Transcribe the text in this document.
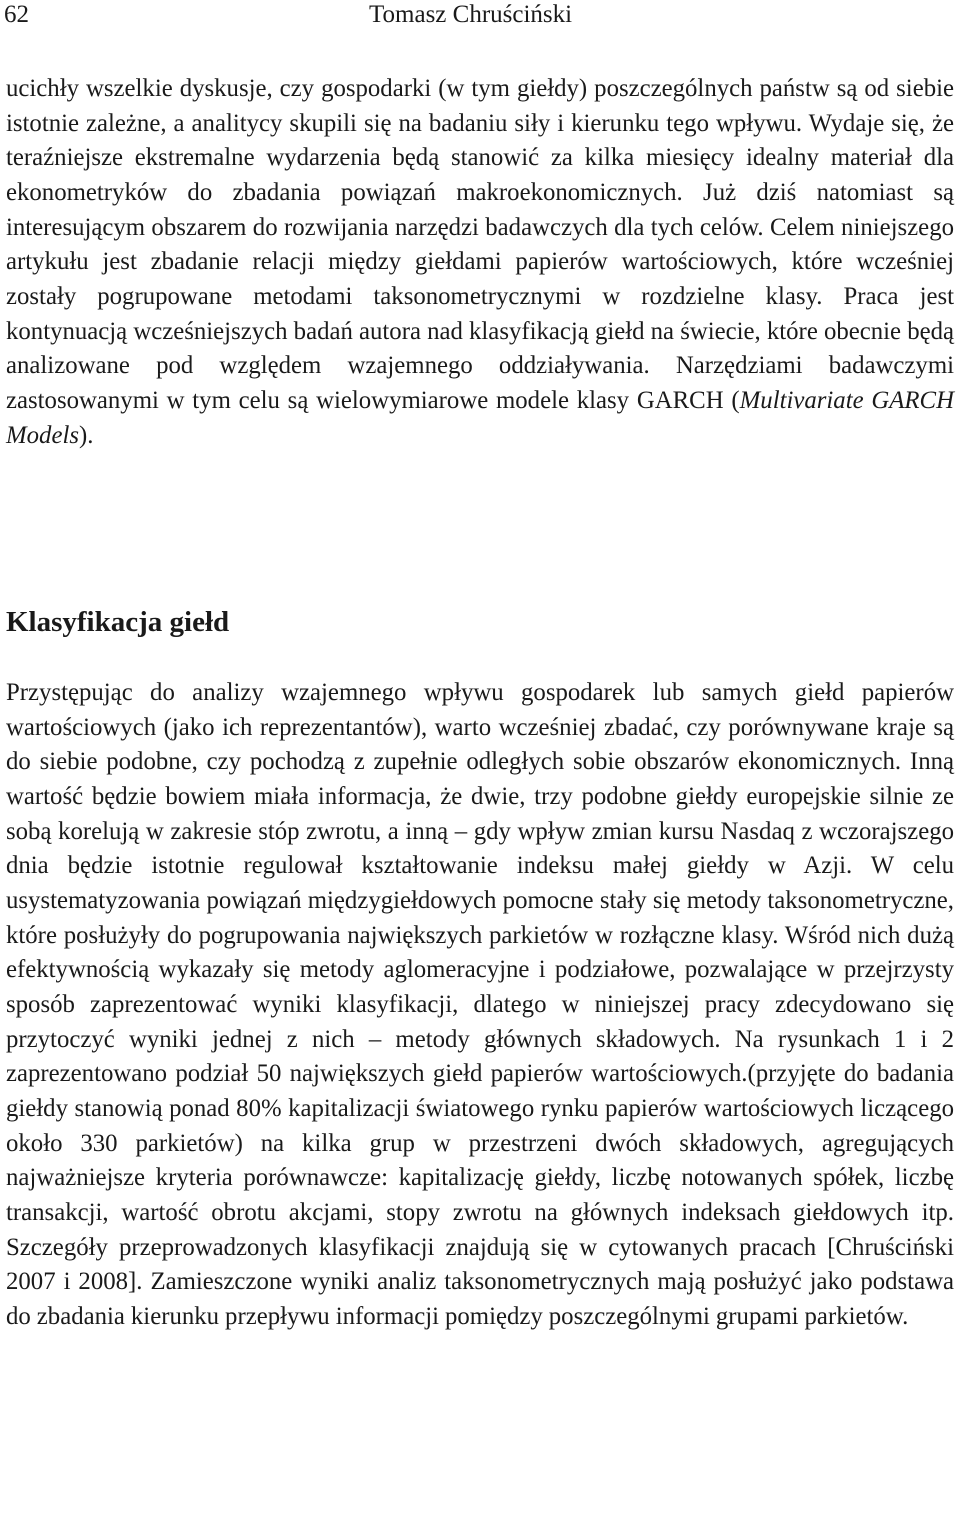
62	Tomasz Chruściński

ucichły wszelkie dyskusje, czy gospodarki (w tym giełdy) poszczególnych państw są od siebie istotnie zależne, a analitycy skupili się na badaniu siły i kierunku tego wpływu. Wydaje się, że teraźniejsze ekstremalne wydarzenia będą stanowić za kilka miesięcy idealny materiał dla ekonometryków do zbadania powiązań makroekonomicznych. Już dziś natomiast są interesującym obszarem do rozwijania narzędzi badawczych dla tych celów. Celem niniejszego artykułu jest zbadanie relacji między giełdami papierów wartościowych, które wcześniej zostały pogrupowane metodami taksonometrycznymi w rozdzielne klasy. Praca jest kontynuacją wcześniejszych badań autora nad klasyfikacją giełd na świecie, które obecnie będą analizowane pod względem wzajemnego oddziaływania. Narzędziami badawczymi zastosowanymi w tym celu są wielowymiarowe modele klasy GARCH (Multivariate GARCH Models).

Klasyfikacja giełd

Przystępując do analizy wzajemnego wpływu gospodarek lub samych giełd papierów wartościowych (jako ich reprezentantów), warto wcześniej zbadać, czy porównywane kraje są do siebie podobne, czy pochodzą z zupełnie odległych sobie obszarów ekonomicznych. Inną wartość będzie bowiem miała informacja, że dwie, trzy podobne giełdy europejskie silnie ze sobą korelują w zakresie stóp zwrotu, a inną – gdy wpływ zmian kursu Nasdaq z wczorajszego dnia będzie istotnie regulował kształtowanie indeksu małej giełdy w Azji. W celu usystematyzowania powiązań międzygiełdowych pomocne stały się metody taksonometryczne, które posłużyły do pogrupowania największych parkietów w rozłączne klasy. Wśród nich dużą efektywnością wykazały się metody aglomeracyjne i podziałowe, pozwalające w przejrzysty sposób zaprezentować wyniki klasyfikacji, dlatego w niniejszej pracy zdecydowano się przytoczyć wyniki jednej z nich – metody głównych składowych. Na rysunkach 1 i 2 zaprezentowano podział 50 największych giełd papierów wartościowych.(przyjęte do badania giełdy stanowią ponad 80% kapitalizacji światowego rynku papierów wartościowych liczącego około 330 parkietów) na kilka grup w przestrzeni dwóch składowych, agregujących najważniejsze kryteria porównawcze: kapitalizację giełdy, liczbę notowanych spółek, liczbę transakcji, wartość obrotu akcjami, stopy zwrotu na głównych indeksach giełdowych itp. Szczegóły przeprowadzonych klasyfikacji znajdują się w cytowanych pracach [Chruściński 2007 i 2008]. Zamieszczone wyniki analiz taksonometrycznych mają posłużyć jako podstawa do zbadania kierunku przepływu informacji pomiędzy poszczególnymi grupami parkietów.
